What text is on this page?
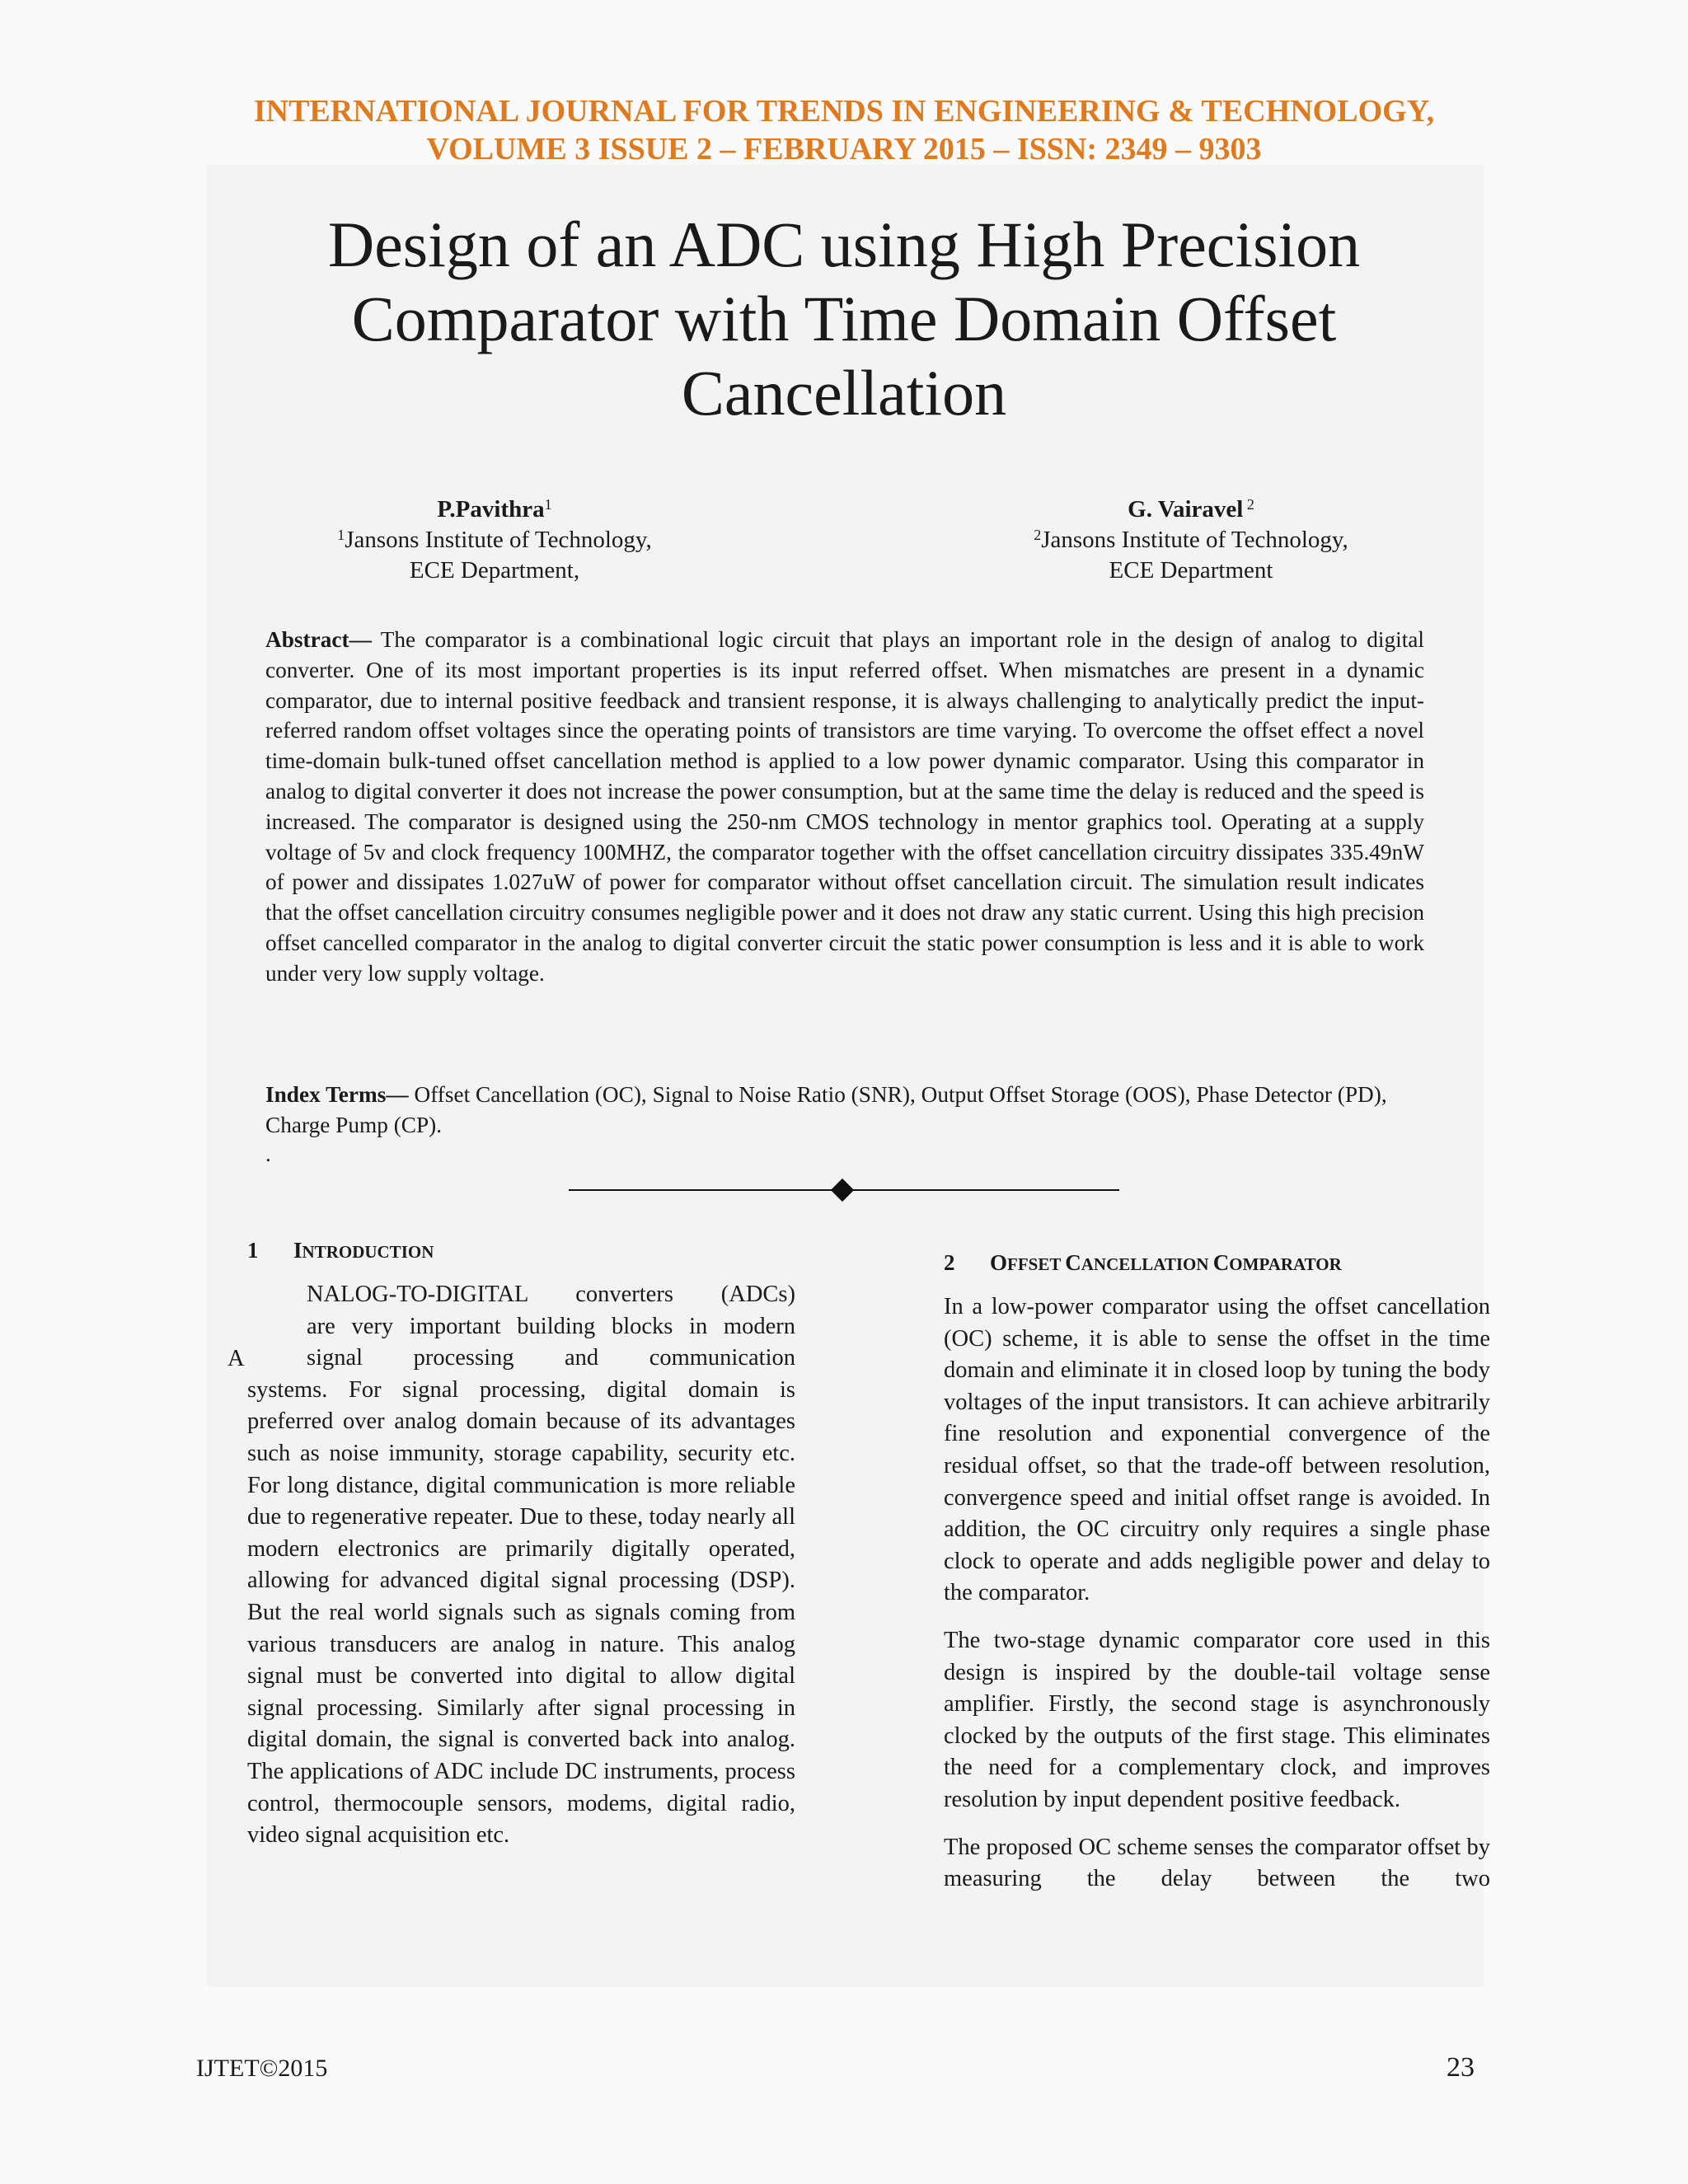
INTERNATIONAL JOURNAL FOR TRENDS IN ENGINEERING & TECHNOLOGY,
VOLUME 3 ISSUE 2 – FEBRUARY 2015 – ISSN: 2349 – 9303
Design of an ADC using High Precision
Comparator with Time Domain Offset
Cancellation
P.Pavithra$^1$
$^1$Jansons Institute of Technology,
ECE Department,
G. Vairavel $^2$
$^2$Jansons Institute of Technology,
ECE Department
Abstract— The comparator is a combinational logic circuit that plays an important role in the design of analog to digital converter. One of its most important properties is its input referred offset. When mismatches are present in a dynamic comparator, due to internal positive feedback and transient response, it is always challenging to analytically predict the input-referred random offset voltages since the operating points of transistors are time varying. To overcome the offset effect a novel time-domain bulk-tuned offset cancellation method is applied to a low power dynamic comparator. Using this comparator in analog to digital converter it does not increase the power consumption, but at the same time the delay is reduced and the speed is increased. The comparator is designed using the 250-nm CMOS technology in mentor graphics tool. Operating at a supply voltage of 5v and clock frequency 100MHZ, the comparator together with the offset cancellation circuitry dissipates 335.49nW of power and dissipates 1.027uW of power for comparator without offset cancellation circuit. The simulation result indicates that the offset cancellation circuitry consumes negligible power and it does not draw any static current. Using this high precision offset cancelled comparator in the analog to digital converter circuit the static power consumption is less and it is able to work under very low supply voltage.
Index Terms— Offset Cancellation (OC), Signal to Noise Ratio (SNR), Output Offset Storage (OOS), Phase Detector (PD), Charge Pump (CP).
.
1 INTRODUCTION
A

NALOG-TO-DIGITAL converters (ADCs)

are very important building blocks in modern

signal processing and communication

systems. For signal processing, digital domain is preferred over analog domain because of its advantages such as noise immunity, storage capability, security etc. For long distance, digital communication is more reliable due to regenerative repeater. Due to these, today nearly all modern electronics are primarily digitally operated, allowing for advanced digital signal processing (DSP). But the real world signals such as signals coming from various transducers are analog in nature. This analog signal must be converted into digital to allow digital signal processing. Similarly after signal processing in digital domain, the signal is converted back into analog. The applications of ADC include DC instruments, process control, thermocouple sensors, modems, digital radio, video signal acquisition etc.

2 OFFSET CANCELLATION COMPARATOR

In a low-power comparator using the offset cancellation (OC) scheme, it is able to sense the offset in the time domain and eliminate it in closed loop by tuning the body voltages of the input transistors. It can achieve arbitrarily fine resolution and exponential convergence of the residual offset, so that the trade-off between resolution, convergence speed and initial offset range is avoided. In addition, the OC circuitry only requires a single phase clock to operate and adds negligible power and delay to the comparator.

The two-stage dynamic comparator core used in this design is inspired by the double-tail voltage sense amplifier. Firstly, the second stage is asynchronously clocked by the outputs of the first stage. This eliminates the need for a complementary clock, and improves resolution by input dependent positive feedback.

The proposed OC scheme senses the comparator offset by measuring the delay between the two

IJTET©2015	23
